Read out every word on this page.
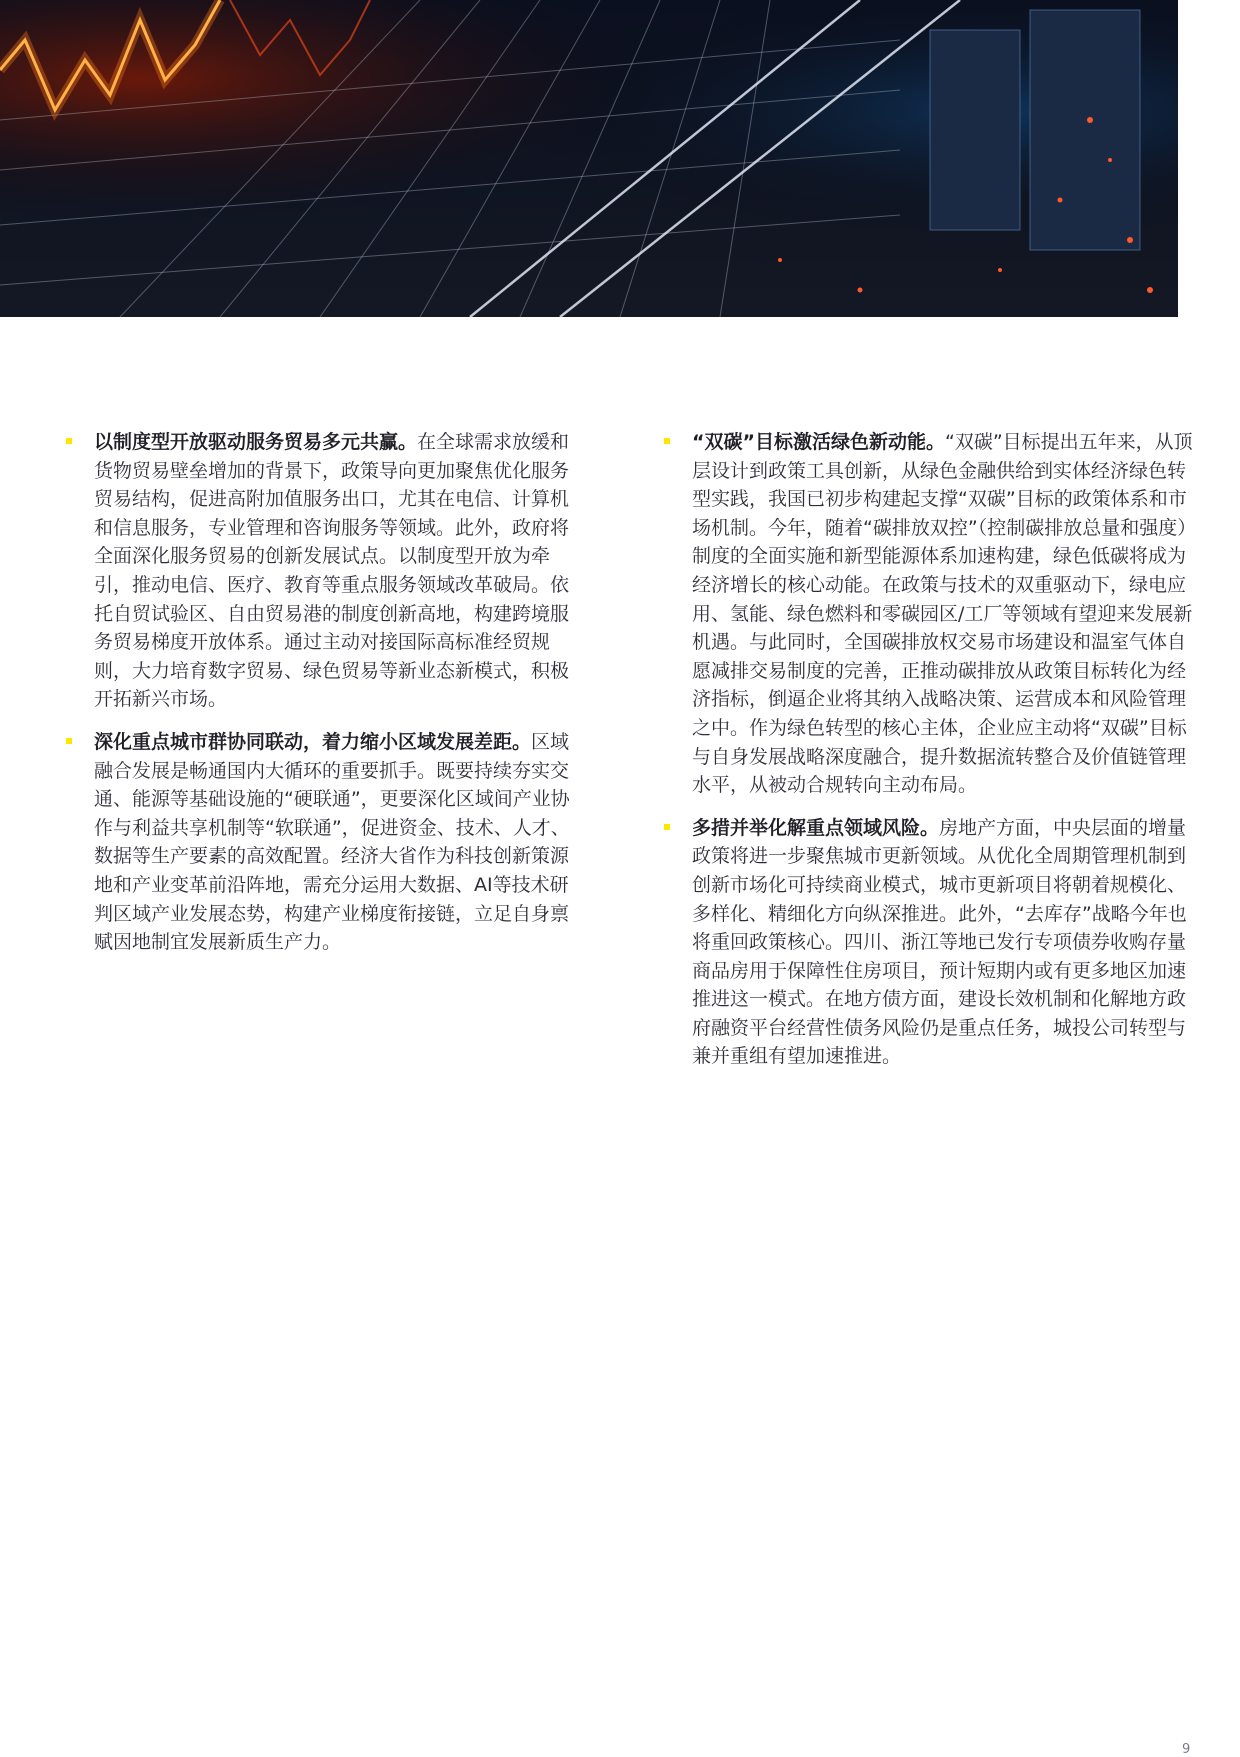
以制度型开放驱动服务贸易多元共赢。在全球需求放缓和货物贸易壁垒增加的背景下，政策导向更加聚焦优化服务贸易结构，促进高附加值服务出口，尤其在电信、计算机和信息服务，专业管理和咨询服务等领域。此外，政府将全面深化服务贸易的创新发展试点。以制度型开放为牵引，推动电信、医疗、教育等重点服务领域改革破局。依托自贸试验区、自由贸易港的制度创新高地，构建跨境服务贸易梯度开放体系。通过主动对接国际高标准经贸规则，大力培育数字贸易、绿色贸易等新业态新模式，积极开拓新兴市场。

深化重点城市群协同联动，着力缩小区域发展差距。区域融合发展是畅通国内大循环的重要抓手。既要持续夯实交通、能源等基础设施的“硬联通”，更要深化区域间产业协作与利益共享机制等“软联通”，促进资金、技术、人才、数据等生产要素的高效配置。经济大省作为科技创新策源地和产业变革前沿阵地，需充分运用大数据、AI等技术研判区域产业发展态势，构建产业梯度衔接链，立足自身禀赋因地制宜发展新质生产力。

“双碳”目标激活绿色新动能。“双碳”目标提出五年来，从顶层设计到政策工具创新，从绿色金融供给到实体经济绿色转型实践，我国已初步构建起支撑“双碳”目标的政策体系和市场机制。今年，随着“碳排放双控”（控制碳排放总量和强度）制度的全面实施和新型能源体系加速构建，绿色低碳将成为经济增长的核心动能。在政策与技术的双重驱动下，绿电应用、氢能、绿色燃料和零碳园区/工厂等领域有望迎来发展新机遇。与此同时，全国碳排放权交易市场建设和温室气体自愿减排交易制度的完善，正推动碳排放从政策目标转化为经济指标，倒逼企业将其纳入战略决策、运营成本和风险管理之中。作为绿色转型的核心主体，企业应主动将“双碳”目标与自身发展战略深度融合，提升数据流转整合及价值链管理水平，从被动合规转向主动布局。

多措并举化解重点领域风险。房地产方面，中央层面的增量政策将进一步聚焦城市更新领域。从优化全周期管理机制到创新市场化可持续商业模式，城市更新项目将朝着规模化、多样化、精细化方向纵深推进。此外，“去库存”战略今年也将重回政策核心。四川、浙江等地已发行专项债券收购存量商品房用于保障性住房项目，预计短期内或有更多地区加速推进这一模式。在地方债方面，建设长效机制和化解地方政府融资平台经营性债务风险仍是重点任务，城投公司转型与兼并重组有望加速推进。

9
